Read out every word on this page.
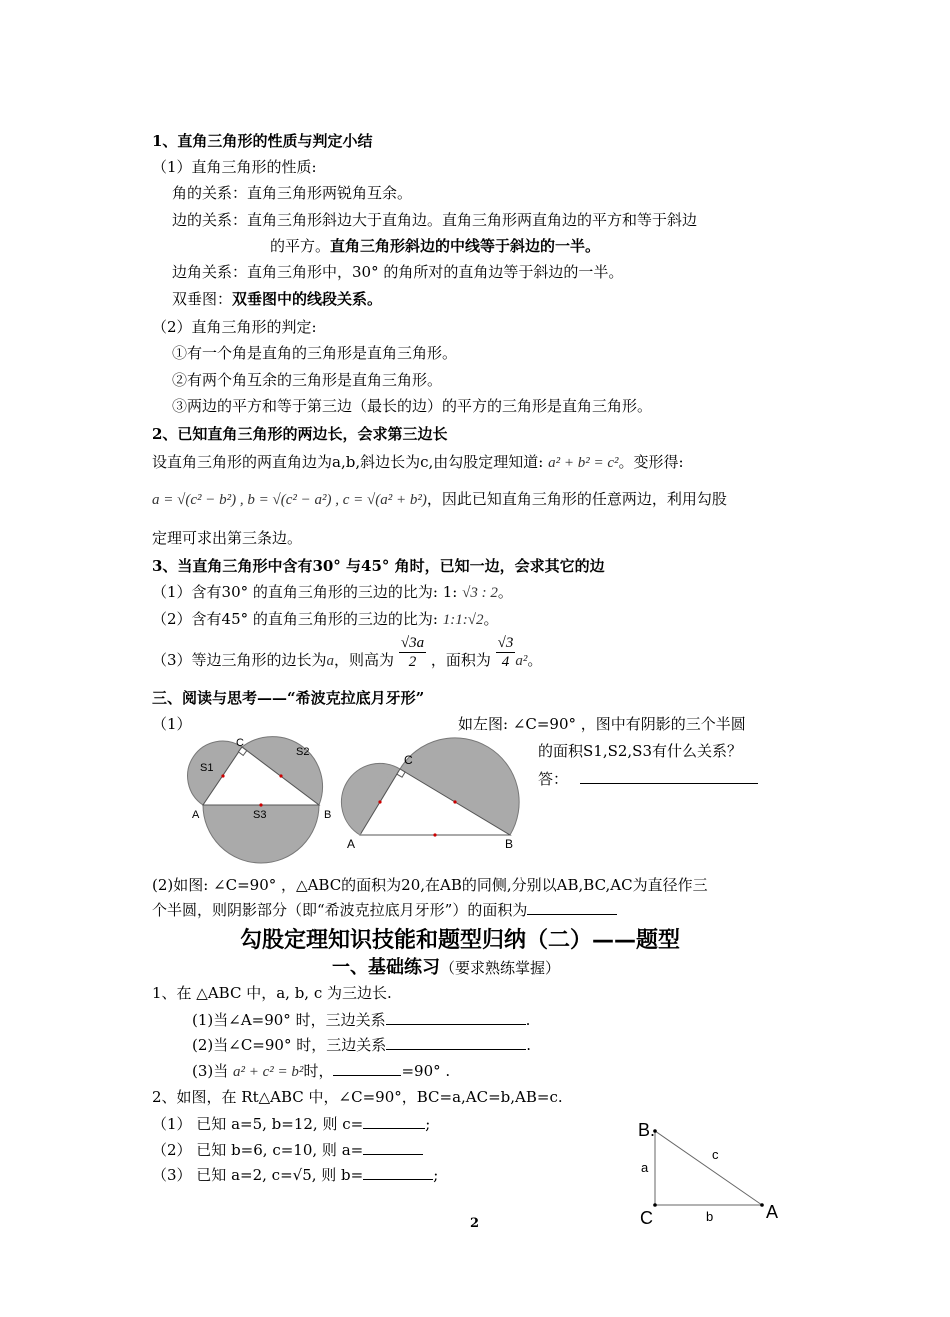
1、直角三角形的性质与判定小结
（1）直角三角形的性质:
角的关系：直角三角形两锐角互余。
边的关系：直角三角形斜边大于直角边。直角三角形两直角边的平方和等于斜边
的平方。直角三角形斜边的中线等于斜边的一半。
边角关系：直角三角形中，30° 的角所对的直角边等于斜边的一半。
双垂图：双垂图中的线段关系。
（2）直角三角形的判定:
①有一个角是直角的三角形是直角三角形。
②有两个角互余的三角形是直角三角形。
③两边的平方和等于第三边（最长的边）的平方的三角形是直角三角形。
2、已知直角三角形的两边长，会求第三边长
设直角三角形的两直角边为a,b,斜边长为c,由勾股定理知道: a² + b² = c²。变形得:
a = √(c² − b²) , b = √(c² − a²) , c = √(a² + b²)，因此已知直角三角形的任意两边，利用勾股
定理可求出第三条边。
3、当直角三角形中含有30° 与45° 角时，已知一边，会求其它的边
（1）含有30° 的直角三角形的三边的比为: 1: √3 : 2。
（2）含有45° 的直角三角形的三边的比为: 1:1:√2。
（3）等边三角形的边长为a，则高为 $\frac{√3a}{2}$ ，面积为 $\frac{√3}{4} a^2$。
三、阅读与思考——“希波克拉底月牙形”
（1）	如左图: ∠C=90° ，图中有阴影的三个半圆
的面积S1,S2,S3有什么关系？
答：
C
S1
S2
A	S3	B
C
A	B
(2)如图: ∠C=90° ，△ABC的面积为20,在AB的同侧,分别以AB,BC,AC为直径作三
个半圆，则阴影部分（即“希波克拉底月牙形”）的面积为
勾股定理知识技能和题型归纳（二）——题型
一、基础练习（要求熟练掌握）
1、在 △ABC 中，a, b, c 为三边长.
(1)当∠A=90° 时，三边关系	.
(2)当∠C=90° 时，三边关系	.
(3)当 a² + c² = b²时，	=90° .
2、如图，在 Rt△ABC 中，∠C=90°，BC=a,AC=b,AB=c.
（1） 已知 a=5, b=12, 则 c=	;
（2） 已知 b=6, c=10, 则 a=
（3） 已知 a=2, c=√5, 则 b=	;
B.
C	A
a
b
c
2
